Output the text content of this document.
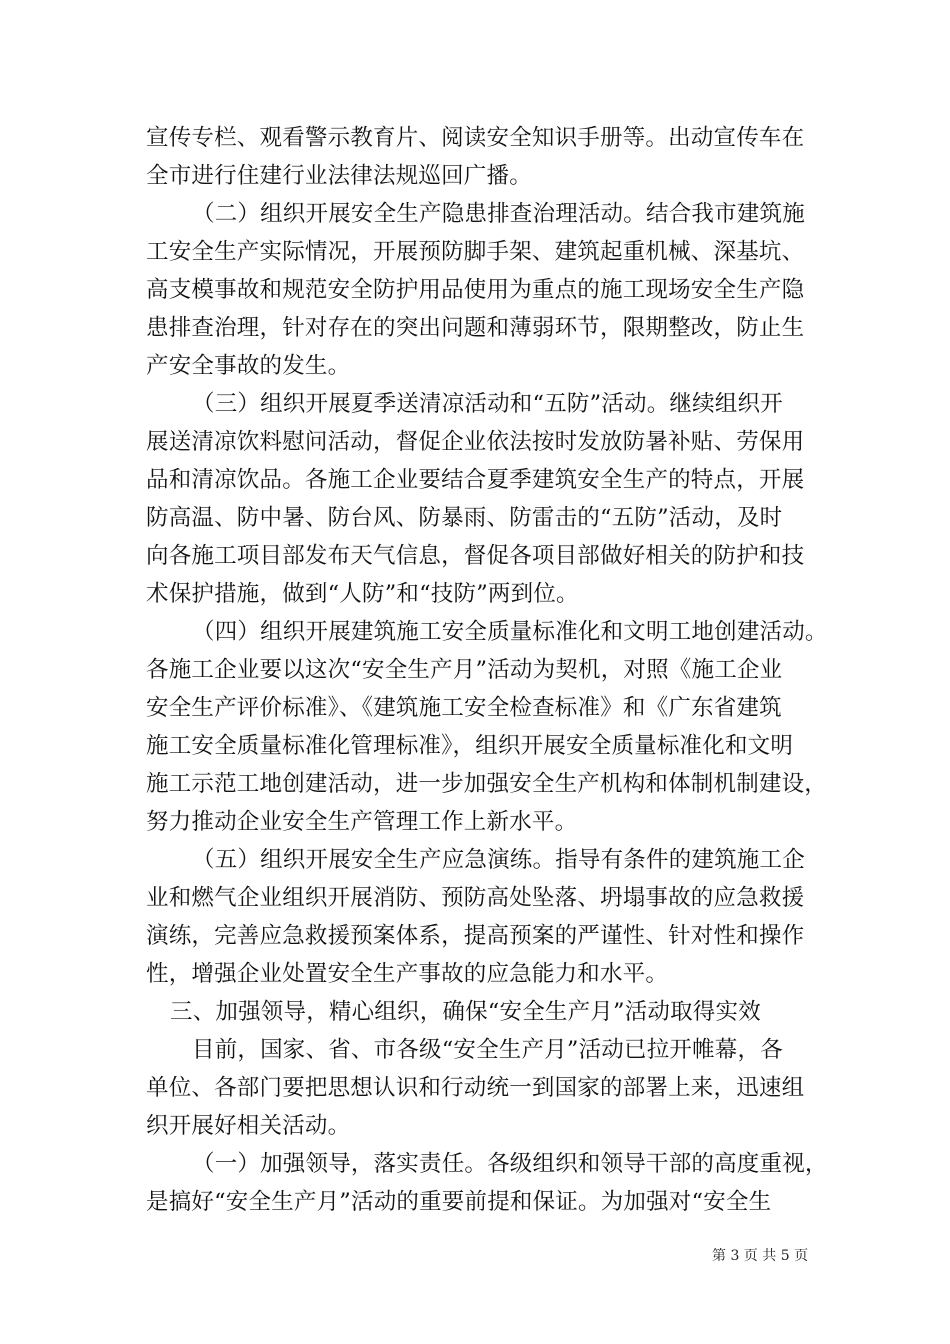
宣传专栏、观看警示教育片、阅读安全知识手册等。出动宣传车在
全市进行住建行业法律法规巡回广播。
（二）组织开展安全生产隐患排查治理活动。结合我市建筑施
工安全生产实际情况，开展预防脚手架、建筑起重机械、深基坑、
高支模事故和规范安全防护用品使用为重点的施工现场安全生产隐
患排查治理，针对存在的突出问题和薄弱环节，限期整改，防止生
产安全事故的发生。
（三）组织开展夏季送清凉活动和“五防”活动。继续组织开
展送清凉饮料慰问活动，督促企业依法按时发放防暑补贴、劳保用
品和清凉饮品。各施工企业要结合夏季建筑安全生产的特点，开展
防高温、防中暑、防台风、防暴雨、防雷击的“五防”活动，及时
向各施工项目部发布天气信息，督促各项目部做好相关的防护和技
术保护措施，做到“人防”和“技防”两到位。
（四）组织开展建筑施工安全质量标准化和文明工地创建活动。
各施工企业要以这次“安全生产月”活动为契机，对照《施工企业
安全生产评价标准》、《建筑施工安全检查标准》和《广东省建筑
施工安全质量标准化管理标准》，组织开展安全质量标准化和文明
施工示范工地创建活动，进一步加强安全生产机构和体制机制建设，
努力推动企业安全生产管理工作上新水平。
（五）组织开展安全生产应急演练。指导有条件的建筑施工企
业和燃气企业组织开展消防、预防高处坠落、坍塌事故的应急救援
演练，完善应急救援预案体系，提高预案的严谨性、针对性和操作
性，增强企业处置安全生产事故的应急能力和水平。
三、加强领导，精心组织，确保“安全生产月”活动取得实效
目前，国家、省、市各级“安全生产月”活动已拉开帷幕，各
单位、各部门要把思想认识和行动统一到国家的部署上来，迅速组
织开展好相关活动。
（一）加强领导，落实责任。各级组织和领导干部的高度重视，
是搞好“安全生产月”活动的重要前提和保证。为加强对“安全生
第 3 页 共 5 页
